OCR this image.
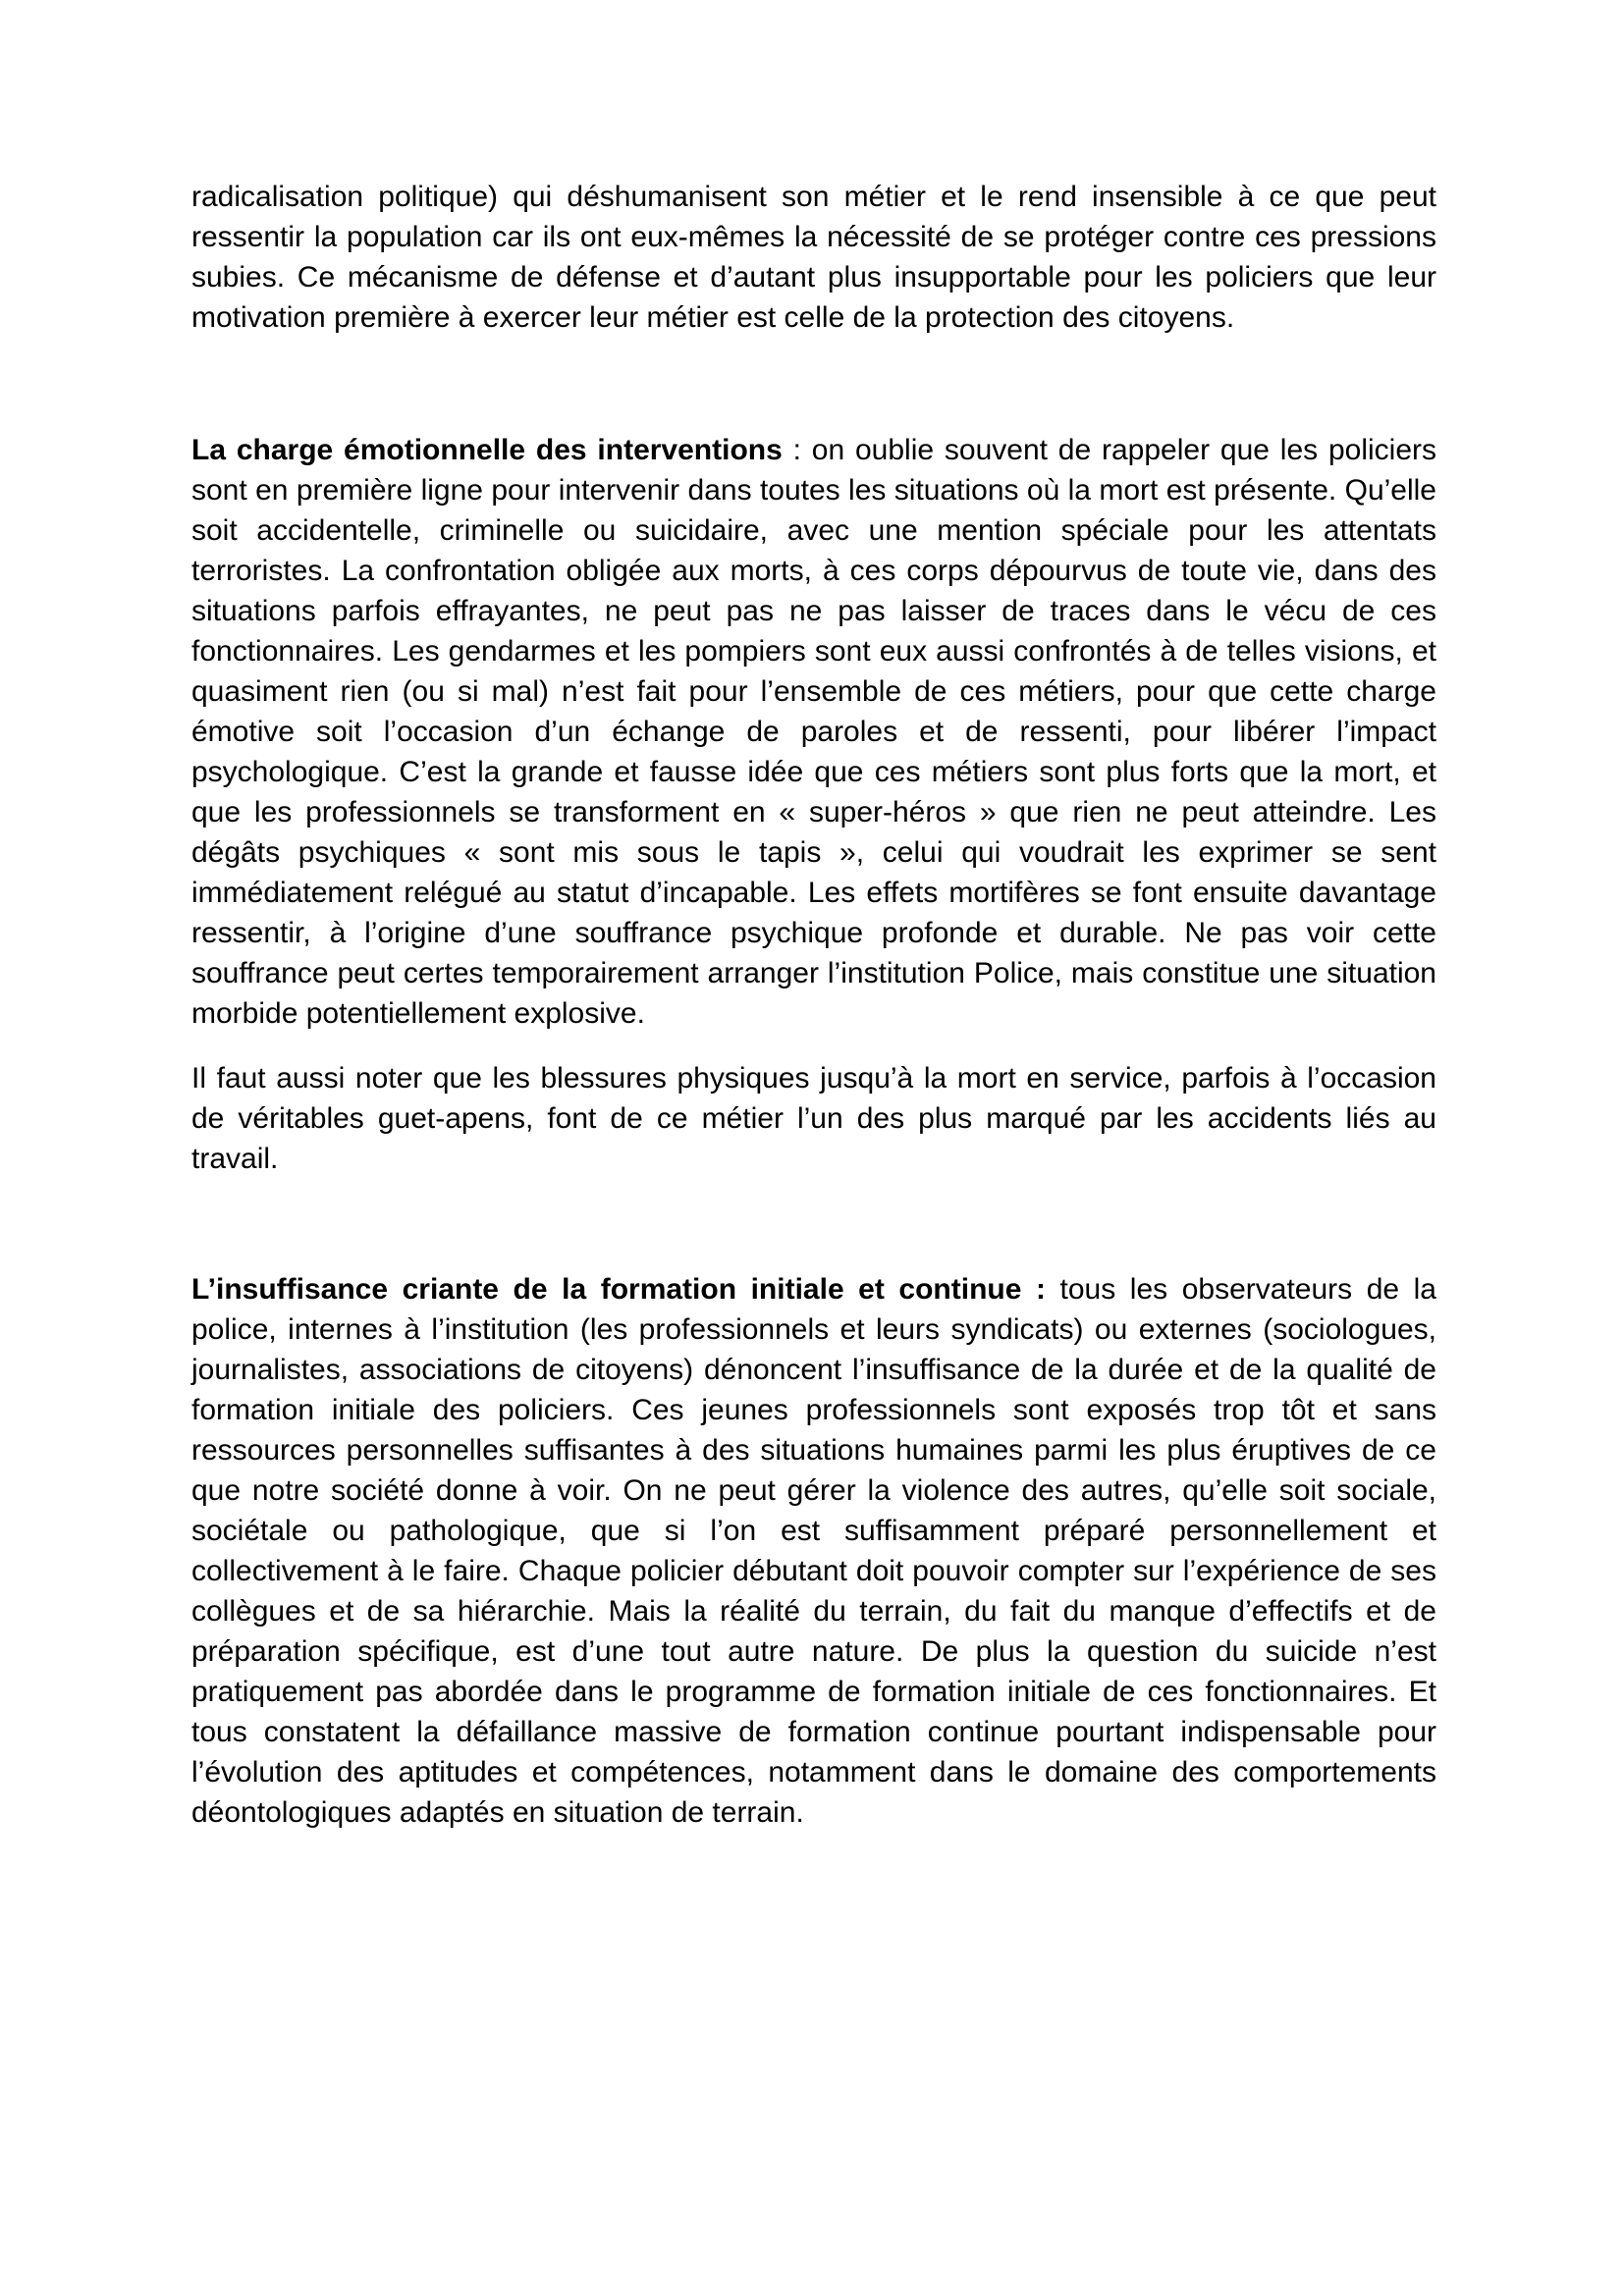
radicalisation politique) qui déshumanisent son métier et le rend insensible à ce que peut ressentir la population car ils ont eux-mêmes la nécessité de se protéger contre ces pressions subies. Ce mécanisme de défense et d’autant plus insupportable pour les policiers que leur motivation première à exercer leur métier est celle de la protection des citoyens.

La charge émotionnelle des interventions : on oublie souvent de rappeler que les policiers sont en première ligne pour intervenir dans toutes les situations où la mort est présente. Qu’elle soit accidentelle, criminelle ou suicidaire, avec une mention spéciale pour les attentats terroristes. La confrontation obligée aux morts, à ces corps dépourvus de toute vie, dans des situations parfois effrayantes, ne peut pas ne pas laisser de traces dans le vécu de ces fonctionnaires. Les gendarmes et les pompiers sont eux aussi confrontés à de telles visions, et quasiment rien (ou si mal) n’est fait pour l’ensemble de ces métiers, pour que cette charge émotive soit l’occasion d’un échange de paroles et de ressenti, pour libérer l’impact psychologique. C’est la grande et fausse idée que ces métiers sont plus forts que la mort, et que les professionnels se transforment en « super-héros » que rien ne peut atteindre. Les dégâts psychiques « sont mis sous le tapis », celui qui voudrait les exprimer se sent immédiatement relégué au statut d’incapable. Les effets mortifères se font ensuite davantage ressentir, à l’origine d’une souffrance psychique profonde et durable. Ne pas voir cette souffrance peut certes temporairement arranger l’institution Police, mais constitue une situation morbide potentiellement explosive.

Il faut aussi noter que les blessures physiques jusqu’à la mort en service, parfois à l’occasion de véritables guet-apens, font de ce métier l’un des plus marqué par les accidents liés au travail.

L’insuffisance criante de la formation initiale et continue : tous les observateurs de la police, internes à l’institution (les professionnels et leurs syndicats) ou externes (sociologues, journalistes, associations de citoyens) dénoncent l’insuffisance de la durée et de la qualité de formation initiale des policiers. Ces jeunes professionnels sont exposés trop tôt et sans ressources personnelles suffisantes à des situations humaines parmi les plus éruptives de ce que notre société donne à voir. On ne peut gérer la violence des autres, qu’elle soit sociale, sociétale ou pathologique, que si l’on est suffisamment préparé personnellement et collectivement à le faire. Chaque policier débutant doit pouvoir compter sur l’expérience de ses collègues et de sa hiérarchie. Mais la réalité du terrain, du fait du manque d’effectifs et de préparation spécifique, est d’une tout autre nature. De plus la question du suicide n’est pratiquement pas abordée dans le programme de formation initiale de ces fonctionnaires. Et tous constatent la défaillance massive de formation continue pourtant indispensable pour l’évolution des aptitudes et compétences, notamment dans le domaine des comportements déontologiques adaptés en situation de terrain.
